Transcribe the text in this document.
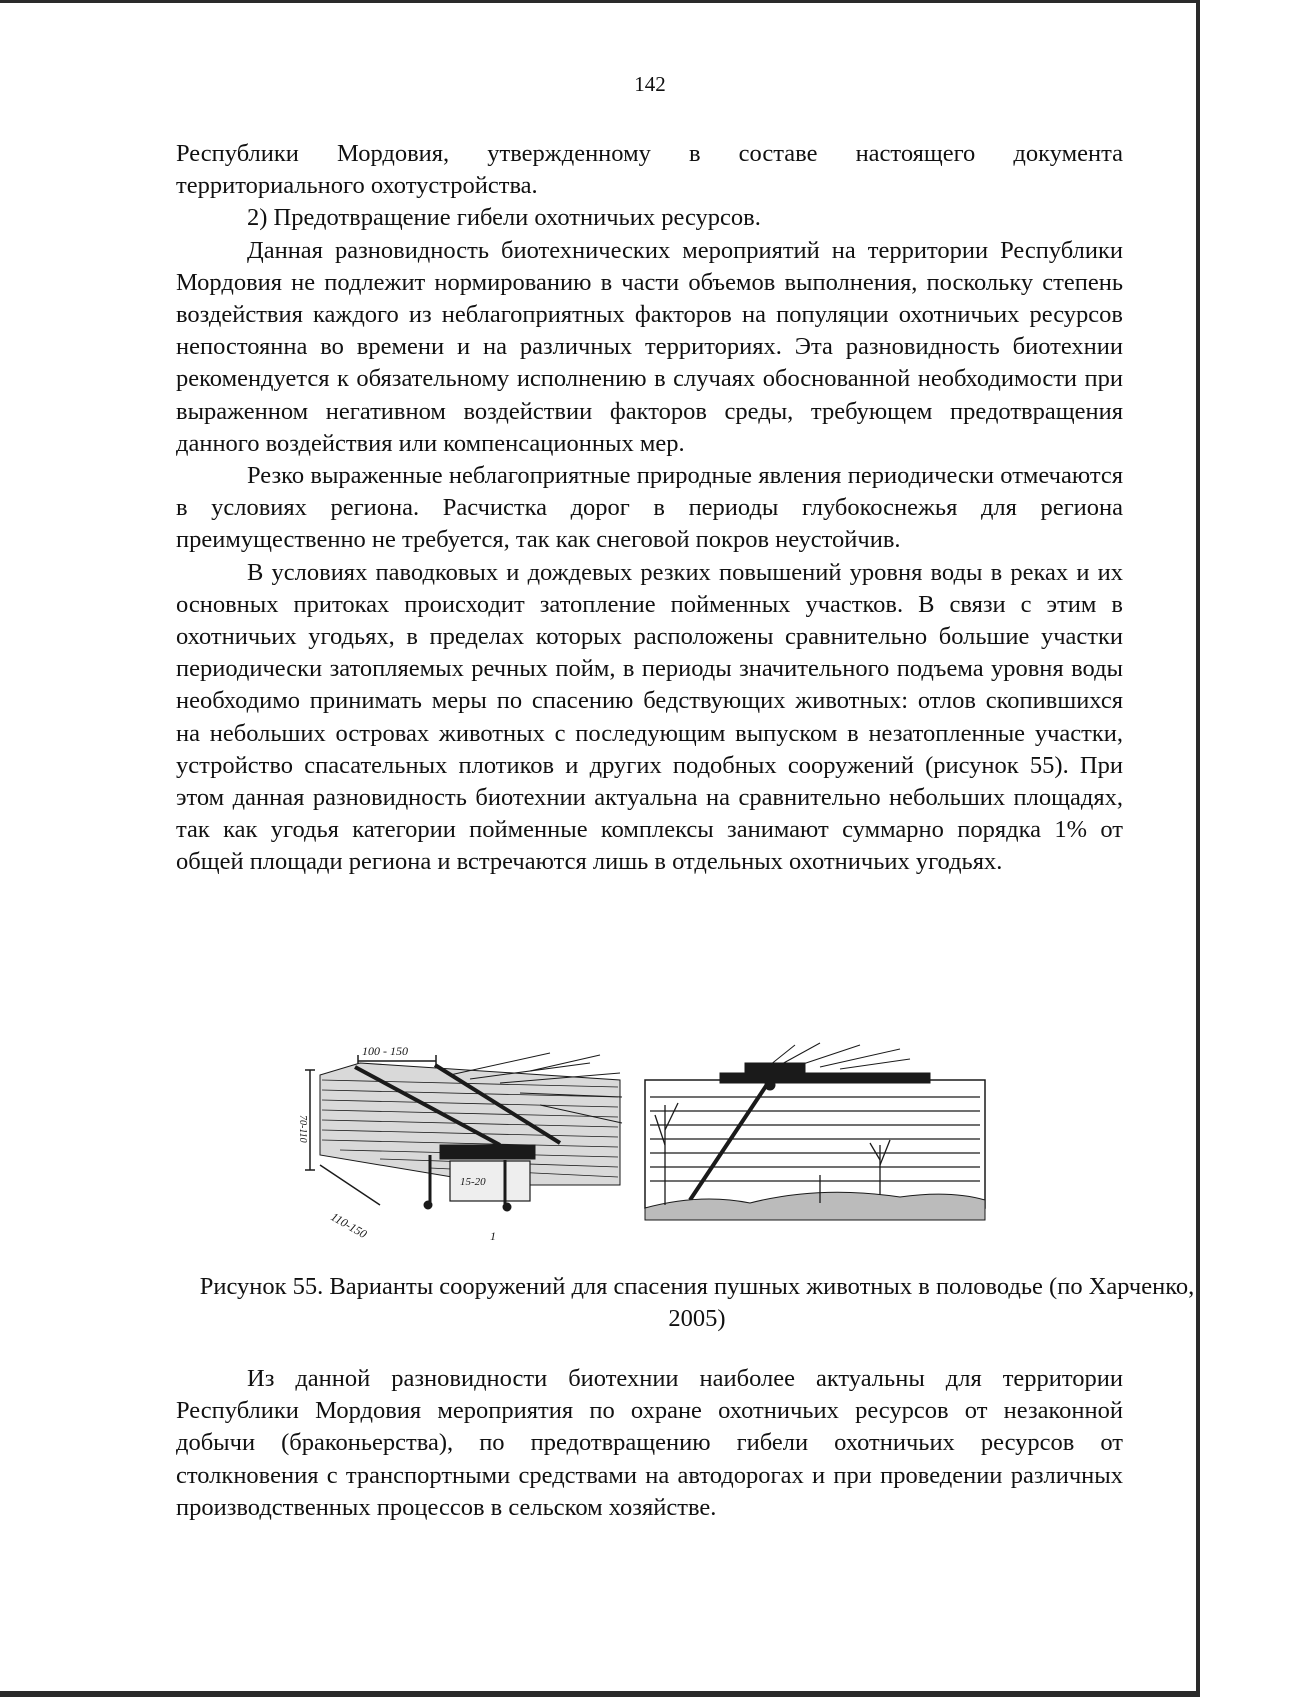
142

Республики Мордовия, утвержденному в составе настоящего документа территориального охотустройства.

2) Предотвращение гибели охотничьих ресурсов.

Данная разновидность биотехнических мероприятий на территории Республики Мордовия не подлежит нормированию в части объемов выполнения, поскольку степень воздействия каждого из неблагоприятных факторов на популяции охотничьих ресурсов непостоянна во времени и на различных территориях. Эта разновидность биотехнии рекомендуется к обязательному исполнению в случаях обоснованной необходимости при выраженном негативном воздействии факторов среды, требующем предотвращения данного воздействия или компенсационных мер.

Резко выраженные неблагоприятные природные явления периодически отмечаются в условиях региона. Расчистка дорог в периоды глубокоснежья для региона преимущественно не требуется, так как снеговой покров неустойчив.

В условиях паводковых и дождевых резких повышений уровня воды в реках и их основных притоках происходит затопление пойменных участков. В связи с этим в охотничьих угодьях, в пределах которых расположены сравнительно большие участки периодически затопляемых речных пойм, в периоды значительного подъема уровня воды необходимо принимать меры по спасению бедствующих животных: отлов скопившихся на небольших островах животных с последующим выпуском в незатопленные участки, устройство спасательных плотиков и других подобных сооружений (рисунок 55). При этом данная разновидность биотехнии актуальна на сравнительно небольших площадях, так как угодья категории пойменные комплексы занимают суммарно порядка 1% от общей площади региона и встречаются лишь в отдельных охотничьих угодьях.

100 - 150
110-150
70-110
15-20
1
Рисунок 55. Варианты сооружений для спасения пушных животных в половодье (по Харченко, 2005)

Из данной разновидности биотехнии наиболее актуальны для территории Республики Мордовия мероприятия по охране охотничьих ресурсов от незаконной добычи (браконьерства), по предотвращению гибели охотничьих ресурсов от столкновения с транспортными средствами на автодорогах и при проведении различных производственных процессов в сельском хозяйстве.
